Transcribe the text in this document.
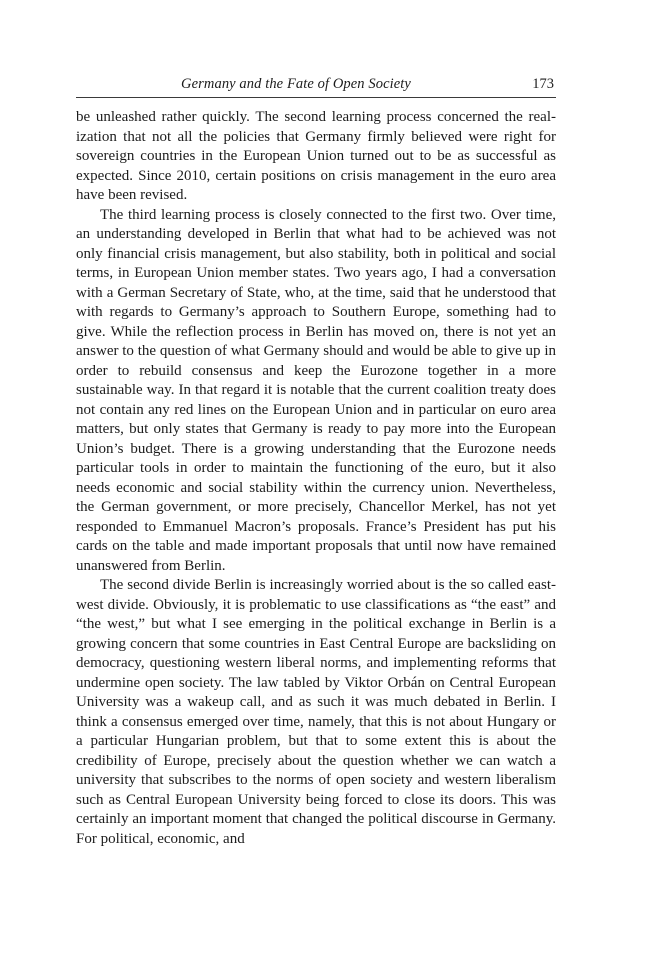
Germany and the Fate of Open Society	173

be unleashed rather quickly. The second learning process concerned the realization that not all the policies that Germany firmly believed were right for sovereign countries in the European Union turned out to be as successful as expected. Since 2010, certain positions on crisis management in the euro area have been revised.

The third learning process is closely connected to the first two. Over time, an understanding developed in Berlin that what had to be achieved was not only financial crisis management, but also stability, both in political and social terms, in European Union member states. Two years ago, I had a conversation with a German Secretary of State, who, at the time, said that he understood that with regards to Germany’s approach to Southern Europe, something had to give. While the reflection process in Berlin has moved on, there is not yet an answer to the question of what Germany should and would be able to give up in order to rebuild consensus and keep the Eurozone together in a more sustainable way. In that regard it is notable that the current coalition treaty does not contain any red lines on the European Union and in particular on euro area matters, but only states that Germany is ready to pay more into the European Union’s budget. There is a growing understanding that the Eurozone needs particular tools in order to maintain the functioning of the euro, but it also needs economic and social stability within the currency union. Nevertheless, the German government, or more precisely, Chancellor Merkel, has not yet responded to Emmanuel Macron’s proposals. France’s President has put his cards on the table and made important proposals that until now have remained unanswered from Berlin.

The second divide Berlin is increasingly worried about is the so called east-west divide. Obviously, it is problematic to use classifications as “the east” and “the west,” but what I see emerging in the political exchange in Berlin is a growing concern that some countries in East Central Europe are backsliding on democracy, questioning western liberal norms, and implementing reforms that undermine open society. The law tabled by Viktor Orbán on Central European University was a wakeup call, and as such it was much debated in Berlin. I think a consensus emerged over time, namely, that this is not about Hungary or a particular Hungarian problem, but that to some extent this is about the credibility of Europe, precisely about the question whether we can watch a university that subscribes to the norms of open society and western liberalism such as Central European University being forced to close its doors. This was certainly an important moment that changed the political discourse in Germany. For political, economic, and
